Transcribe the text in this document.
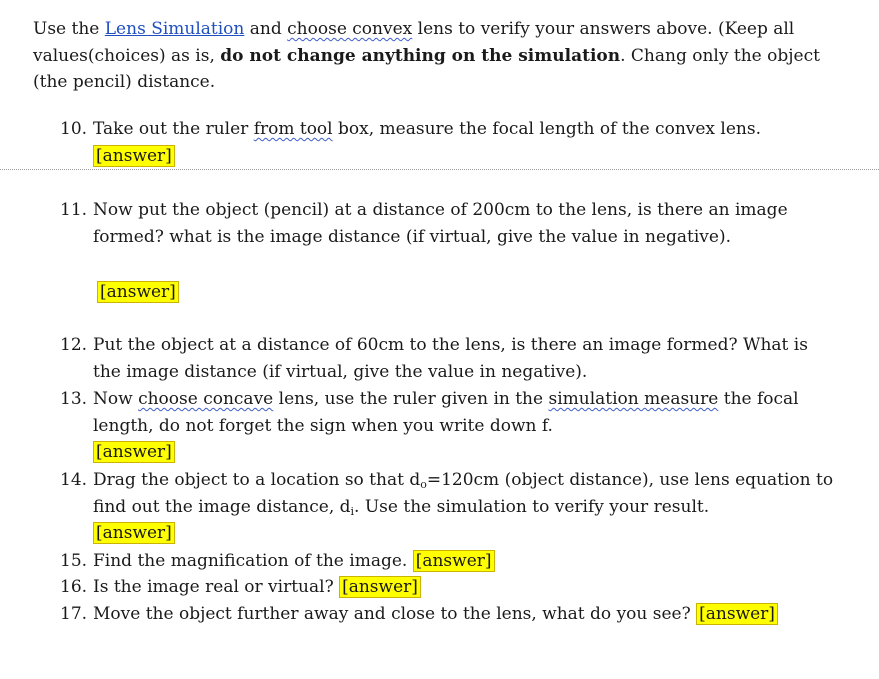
Use the Lens Simulation and choose convex lens to verify your answers above. (Keep all values(choices) as is, do not change anything on the simulation. Chang only the object (the pencil) distance.

10. Take out the ruler from tool box, measure the focal length of the convex lens.
[answer]
11. Now put the object (pencil) at a distance of 200cm to the lens, is there an image formed? what is the image distance (if virtual, give the value in negative).
[answer]
12. Put the object at a distance of 60cm to the lens, is there an image formed? What is the image distance (if virtual, give the value in negative).
13. Now choose concave lens, use the ruler given in the simulation measure the focal length, do not forget the sign when you write down f.
[answer]
14. Drag the object to a location so that $d_o=120cm$ (object distance), use lens equation to find out the image distance, $d_i$. Use the simulation to verify your result.
[answer]
15. Find the magnification of the image. [answer]
16. Is the image real or virtual? [answer]
17. Move the object further away and close to the lens, what do you see? [answer]
